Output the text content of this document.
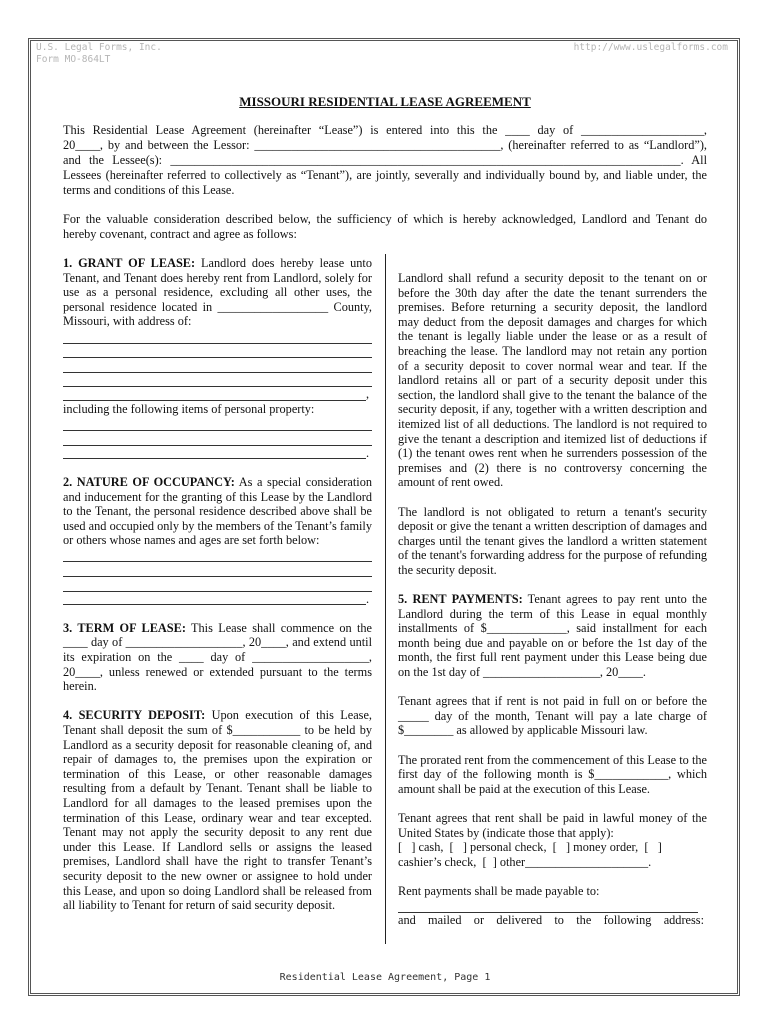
U.S. Legal Forms, Inc.
Form MO-864LT
http://www.uslegalforms.com
MISSOURI RESIDENTIAL LEASE AGREEMENT

This Residential Lease Agreement (hereinafter “Lease”) is entered into this the ____ day of ____________________,

20____, by and between the Lessor: ________________________________________, (hereinafter referred to as “Landlord”),

and the Lessee(s): ___________________________________________________________________________________. All

Lessees (hereinafter referred to collectively as “Tenant”), are jointly, severally and individually bound by, and liable under, the

terms and conditions of this Lease.

For the valuable consideration described below, the sufficiency of which is hereby acknowledged, Landlord and Tenant do

hereby covenant, contract and agree as follows:

1. GRANT OF LEASE: Landlord does hereby lease unto Tenant, and Tenant does hereby rent from Landlord, solely for use as a personal residence, excluding all other uses, the personal residence located in __________________ County, Missouri, with address of:

,

including the following items of personal property:

.

2. NATURE OF OCCUPANCY: As a special consideration and inducement for the granting of this Lease by the Landlord to the Tenant, the personal residence described above shall be used and occupied only by the members of the Tenant’s family or others whose names and ages are set forth below:

.

3. TERM OF LEASE: This Lease shall commence on the ____ day of ___________________, 20____, and extend until its expiration on the ____ day of ___________________, 20____, unless renewed or extended pursuant to the terms herein.

4. SECURITY DEPOSIT: Upon execution of this Lease, Tenant shall deposit the sum of $___________ to be held by Landlord as a security deposit for reasonable cleaning of, and repair of damages to, the premises upon the expiration or termination of this Lease, or other reasonable damages resulting from a default by Tenant. Tenant shall be liable to Landlord for all damages to the leased premises upon the termination of this Lease, ordinary wear and tear excepted. Tenant may not apply the security deposit to any rent due under this Lease. If Landlord sells or assigns the leased premises, Landlord shall have the right to transfer Tenant’s security deposit to the new owner or assignee to hold under this Lease, and upon so doing Landlord shall be released from all liability to Tenant for return of said security deposit.

Landlord shall refund a security deposit to the tenant on or before the 30th day after the date the tenant surrenders the premises. Before returning a security deposit, the landlord may deduct from the deposit damages and charges for which the tenant is legally liable under the lease or as a result of breaching the lease. The landlord may not retain any portion of a security deposit to cover normal wear and tear. If the landlord retains all or part of a security deposit under this section, the landlord shall give to the tenant the balance of the security deposit, if any, together with a written description and itemized list of all deductions. The landlord is not required to give the tenant a description and itemized list of deductions if (1) the tenant owes rent when he surrenders possession of the premises and (2) there is no controversy concerning the amount of rent owed.

The landlord is not obligated to return a tenant's security deposit or give the tenant a written description of damages and charges until the tenant gives the landlord a written statement of the tenant's forwarding address for the purpose of refunding the security deposit.

5. RENT PAYMENTS: Tenant agrees to pay rent unto the Landlord during the term of this Lease in equal monthly installments of $_____________, said installment for each month being due and payable on or before the 1st day of the month, the first full rent payment under this Lease being due on the 1st day of ___________________, 20____.

Tenant agrees that if rent is not paid in full on or before the _____ day of the month, Tenant will pay a late charge of $________ as allowed by applicable Missouri law.

The prorated rent from the commencement of this Lease to the first day of the following month is $____________, which amount shall be paid at the execution of this Lease.

Tenant agrees that rent shall be paid in lawful money of the United States by (indicate those that apply):

[   ] cash,  [   ] personal check,  [   ] money order,  [   ]

cashier’s check,  [  ] other____________________.

Rent payments shall be made payable to:

and    mailed    or    delivered    to    the    following    address:

Residential Lease Agreement, Page 1
